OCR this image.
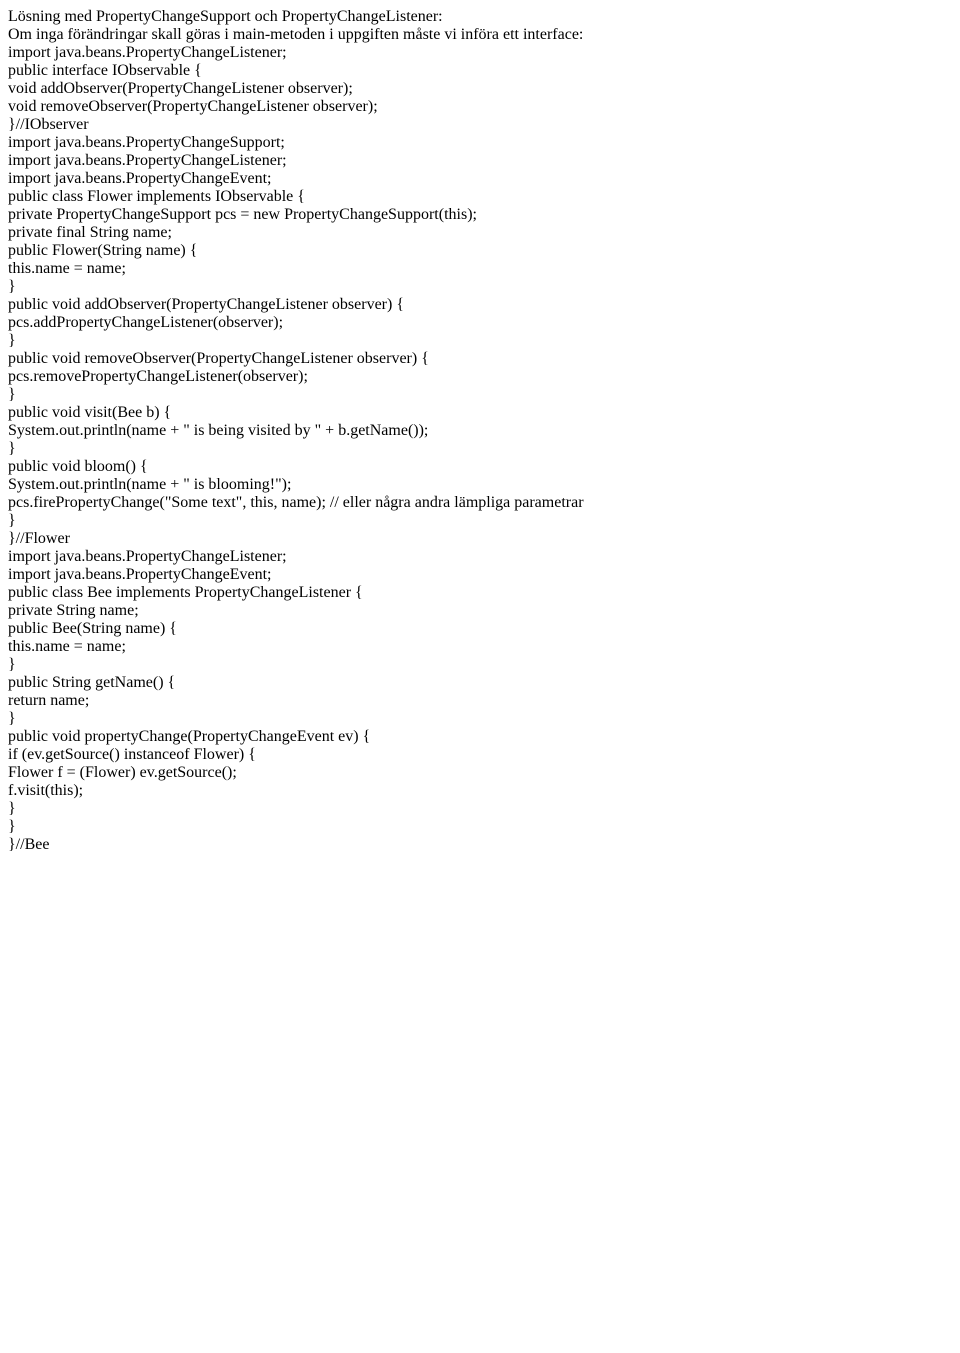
Lösning med PropertyChangeSupport och PropertyChangeListener:
Om inga förändringar skall göras i main-metoden i uppgiften måste vi införa ett interface:
import java.beans.PropertyChangeListener;
public interface IObservable {
void addObserver(PropertyChangeListener observer);
void removeObserver(PropertyChangeListener observer);
}//IObserver
import java.beans.PropertyChangeSupport;
import java.beans.PropertyChangeListener;
import java.beans.PropertyChangeEvent;
public class Flower implements IObservable {
private PropertyChangeSupport pcs = new PropertyChangeSupport(this);
private final String name;
public Flower(String name) {
this.name = name;
}
public void addObserver(PropertyChangeListener observer) {
pcs.addPropertyChangeListener(observer);
}
public void removeObserver(PropertyChangeListener observer) {
pcs.removePropertyChangeListener(observer);
}
public void visit(Bee b) {
System.out.println(name + " is being visited by " + b.getName());
}
public void bloom() {
System.out.println(name + " is blooming!");
pcs.firePropertyChange("Some text", this, name); // eller några andra lämpliga parametrar
}
}//Flower
import java.beans.PropertyChangeListener;
import java.beans.PropertyChangeEvent;
public class Bee implements PropertyChangeListener {
private String name;
public Bee(String name) {
this.name = name;
}
public String getName() {
return name;
}
public void propertyChange(PropertyChangeEvent ev) {
if (ev.getSource() instanceof Flower) {
Flower f = (Flower) ev.getSource();
f.visit(this);
}
}
}//Bee
